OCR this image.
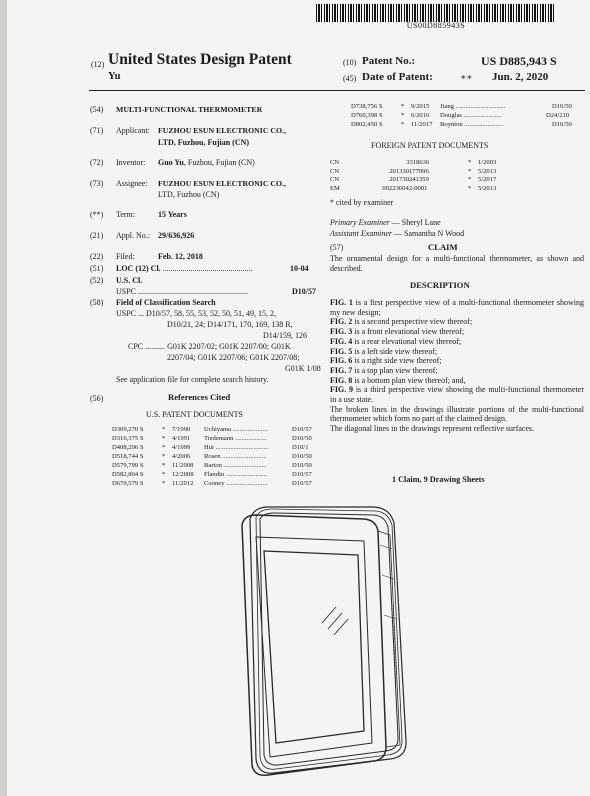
US00D885943S
(12) United States Design Patent
Yu
(10) Patent No.:	US D885,943 S
(45) Date of Patent:	∗∗ Jun. 2, 2020
(54) MULTI-FUNCTIONAL THERMOMETER
(71) Applicant: FUZHOU ESUN ELECTRONIC CO.,
LTD, Fuzhou, Fujian (CN)
(72) Inventor: Guo Yu, Fuzhou, Fujian (CN)
(73) Assignee: FUZHOU ESUN ELECTRONIC CO.,
LTD, Fuzhou (CN)
(**) Term:	15 Years
(21) Appl. No.: 29/636,926
(22) Filed:	Feb. 12, 2018
(51) LOC (12) Cl. .............................................	10-04
(52) U.S. Cl.
USPC .......................................................	D10/57
(58) Field of Classification Search
USPC ... D10/57, 58, 55, 53, 52, 50, 51, 49, 15, 2,
D10/21, 24; D14/171, 170, 169, 138 R,
D14/159, 126
CPC .......... G01K 2207/02; G01K 2207/00; G01K
2207/04; G01K 2207/06; G01K 2207/08;
G01K 1/08
See application file for complete search history.
(56)	References Cited
U.S. PATENT DOCUMENTS
D309,270 S	* 7/1990 Uchiyama .....................	D10/57
D316,375 S	* 4/1991 Tiedemann ...................	D10/50
D408,296 S	* 4/1999 Hui ................................	D10/1
D518,744 S	* 4/2006 Rosen ...........................	D10/50
D579,799 S	* 11/2008 Barton ..........................	D10/50
D582,804 S	* 12/2008 Flandin .........................	D10/57
D670,579 S	* 11/2012 Cooney .........................	D10/57
D738,756 S	* 9/2015 Jiang ..............................	D10/50
D760,398 S	* 6/2016 Douglas .......................	D24/210
D802,450 S	* 11/2017 Boynton ........................	D10/50
FOREIGN PATENT DOCUMENTS
CN	3318636	* 1/2003
CN	201330177096	* 5/2013
CN	201730241359	* 5/2017
EM	002236042-0001	* 5/2013
* cited by examiner
Primary Examiner — Sheryl Lane
Assistant Examiner — Samantha N Wood
(57)	CLAIM
The ornamental design for a multi-functional thermometer, as shown and described.
DESCRIPTION

FIG. 1 is a first perspective view of a multi-functional thermometer showing my new design;

FIG. 2 is a second perspective view thereof;

FIG. 3 is a front elevational view thereof;

FIG. 4 is a rear elevational view thereof;

FIG. 5 is a left side view thereof;

FIG. 6 is a right side view thereof;

FIG. 7 is a top plan view thereof;

FIG. 8 is a bottom plan view thereof; and,

FIG. 9 is a third perspective view showing the multi-functional thermometer in a use state.

The broken lines in the drawings illustrate portions of the multi-functional thermometer which form no part of the claimed design.

The diagonal lines in the drawings represent reflective surfaces.

1 Claim, 9 Drawing Sheets
